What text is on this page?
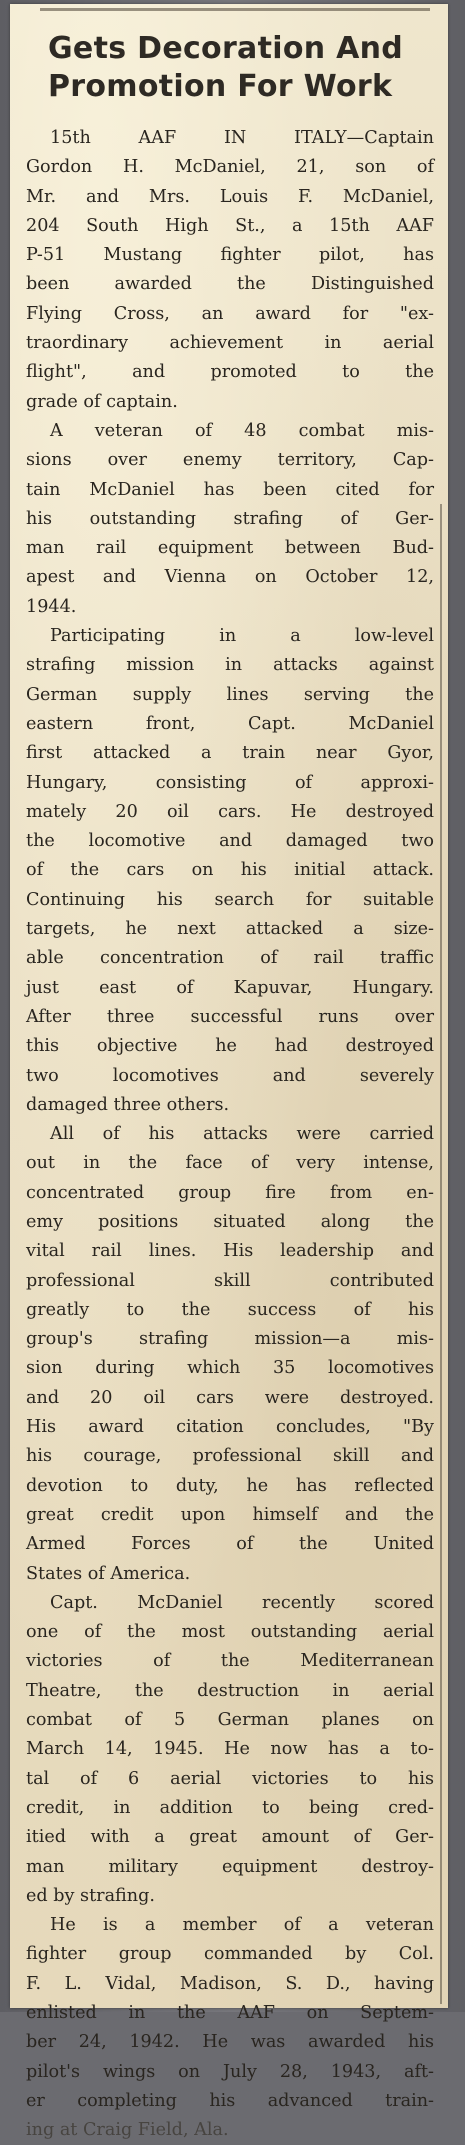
Gets Decoration And
Promotion For Work
15th AAF IN ITALY—Captain
Gordon H. McDaniel, 21, son of
Mr. and Mrs. Louis F. McDaniel,
204 South High St., a 15th AAF
P-51 Mustang fighter pilot, has
been awarded the Distinguished
Flying Cross, an award for "ex-
traordinary achievement in aerial
flight", and promoted to the
grade of captain.
A veteran of 48 combat mis-
sions over enemy territory, Cap-
tain McDaniel has been cited for
his outstanding strafing of Ger-
man rail equipment between Bud-
apest and Vienna on October 12,
1944.
Participating in a low-level
strafing mission in attacks against
German supply lines serving the
eastern front, Capt. McDaniel
first attacked a train near Gyor,
Hungary, consisting of approxi-
mately 20 oil cars. He destroyed
the locomotive and damaged two
of the cars on his initial attack.
Continuing his search for suitable
targets, he next attacked a size-
able concentration of rail traffic
just east of Kapuvar, Hungary.
After three successful runs over
this objective he had destroyed
two locomotives and severely
damaged three others.
All of his attacks were carried
out in the face of very intense,
concentrated group fire from en-
emy positions situated along the
vital rail lines. His leadership and
professional skill contributed
greatly to the success of his
group's strafing mission—a mis-
sion during which 35 locomotives
and 20 oil cars were destroyed.
His award citation concludes, "By
his courage, professional skill and
devotion to duty, he has reflected
great credit upon himself and the
Armed Forces of the United
States of America.
Capt. McDaniel recently scored
one of the most outstanding aerial
victories of the Mediterranean
Theatre, the destruction in aerial
combat of 5 German planes on
March 14, 1945. He now has a to-
tal of 6 aerial victories to his
credit, in addition to being cred-
itied with a great amount of Ger-
man military equipment destroy-
ed by strafing.
He is a member of a veteran
fighter group commanded by Col.
F. L. Vidal, Madison, S. D., having
enlisted in the AAF on Septem-
ber 24, 1942. He was awarded his
pilot's wings on July 28, 1943, aft-
er completing his advanced train-
ing at Craig Field, Ala.
